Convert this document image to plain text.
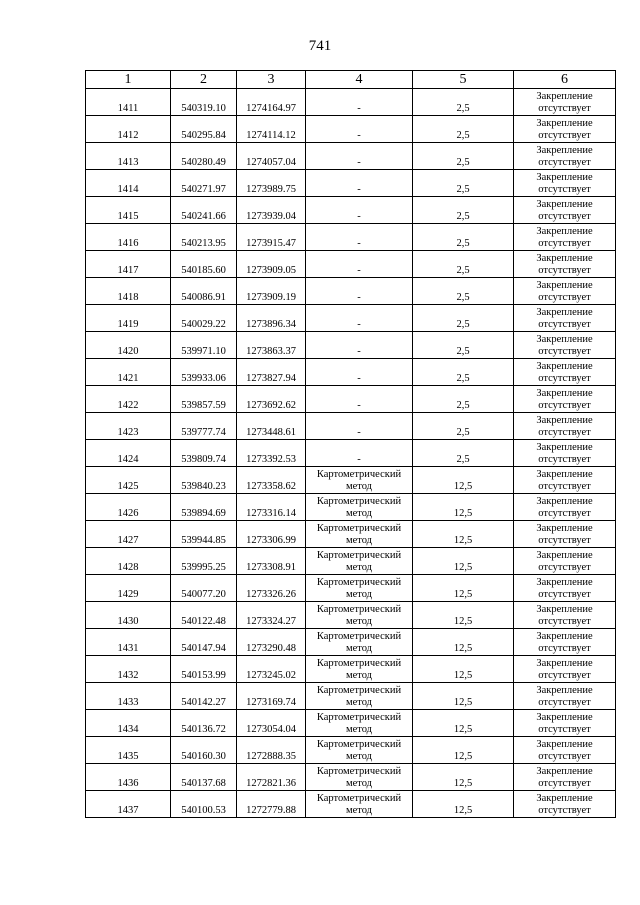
741
1	2	3	4	5	6
1411	540319.10	1274164.97	-	2,5	Закрепление отсутствует
1412	540295.84	1274114.12	-	2,5	Закрепление отсутствует
1413	540280.49	1274057.04	-	2,5	Закрепление отсутствует
1414	540271.97	1273989.75	-	2,5	Закрепление отсутствует
1415	540241.66	1273939.04	-	2,5	Закрепление отсутствует
1416	540213.95	1273915.47	-	2,5	Закрепление отсутствует
1417	540185.60	1273909.05	-	2,5	Закрепление отсутствует
1418	540086.91	1273909.19	-	2,5	Закрепление отсутствует
1419	540029.22	1273896.34	-	2,5	Закрепление отсутствует
1420	539971.10	1273863.37	-	2,5	Закрепление отсутствует
1421	539933.06	1273827.94	-	2,5	Закрепление отсутствует
1422	539857.59	1273692.62	-	2,5	Закрепление отсутствует
1423	539777.74	1273448.61	-	2,5	Закрепление отсутствует
1424	539809.74	1273392.53	-	2,5	Закрепление отсутствует
1425	539840.23	1273358.62	Картометрический метод	12,5	Закрепление отсутствует
1426	539894.69	1273316.14	Картометрический метод	12,5	Закрепление отсутствует
1427	539944.85	1273306.99	Картометрический метод	12,5	Закрепление отсутствует
1428	539995.25	1273308.91	Картометрический метод	12,5	Закрепление отсутствует
1429	540077.20	1273326.26	Картометрический метод	12,5	Закрепление отсутствует
1430	540122.48	1273324.27	Картометрический метод	12,5	Закрепление отсутствует
1431	540147.94	1273290.48	Картометрический метод	12,5	Закрепление отсутствует
1432	540153.99	1273245.02	Картометрический метод	12,5	Закрепление отсутствует
1433	540142.27	1273169.74	Картометрический метод	12,5	Закрепление отсутствует
1434	540136.72	1273054.04	Картометрический метод	12,5	Закрепление отсутствует
1435	540160.30	1272888.35	Картометрический метод	12,5	Закрепление отсутствует
1436	540137.68	1272821.36	Картометрический метод	12,5	Закрепление отсутствует
1437	540100.53	1272779.88	Картометрический метод	12,5	Закрепление отсутствует
